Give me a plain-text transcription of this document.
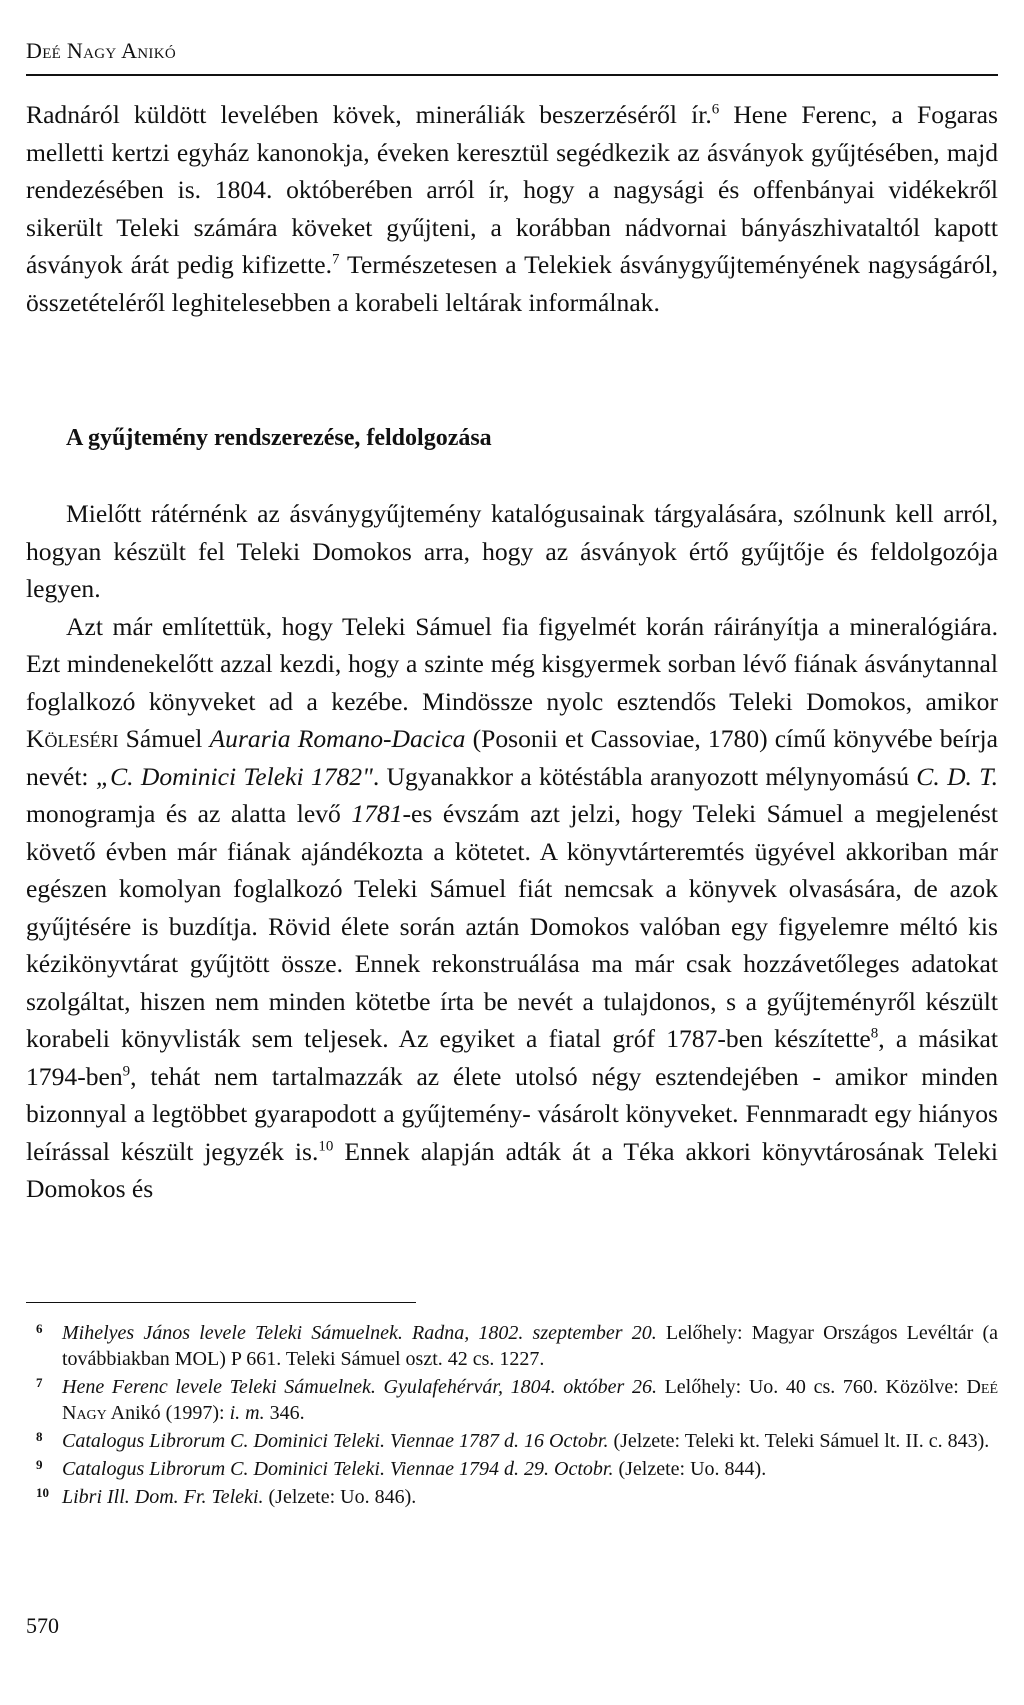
Deé Nagy Anikó

Radnáról küldött levelében kövek, mineráliák beszerzéséről ír.$^6$ Hene Ferenc, a Fogaras melletti kertzi egyház kanonokja, éveken keresztül segédkezik az ásványok gyűjtésében, majd rendezésében is. 1804. októberében arról ír, hogy a nagysági és offenbányai vidékekről sikerült Teleki számára köveket gyűjteni, a korábban nádvornai bányászhivataltól kapott ásványok árát pedig kifizette.$^7$ Természetesen a Telekiek ásványgyűjteményének nagyságáról, összetételéről leghitelesebben a korabeli leltárak informálnak.

A gyűjtemény rendszerezése, feldolgozása

Mielőtt rátérnénk az ásványgyűjtemény katalógusainak tárgyalására, szólnunk kell arról, hogyan készült fel Teleki Domokos arra, hogy az ásványok értő gyűjtője és feldolgozója legyen.

Azt már említettük, hogy Teleki Sámuel fia figyelmét korán ráirányítja a mineralógiára. Ezt mindenekelőtt azzal kezdi, hogy a szinte még kisgyermek sorban lévő fiának ásványtannal foglalkozó könyveket ad a kezébe. Mindössze nyolc esztendős Teleki Domokos, amikor Köleséri Sámuel Auraria Romano-Dacica (Posonii et Cassoviae, 1780) című könyvébe beírja nevét: „C. Dominici Teleki 1782". Ugyanakkor a kötéstábla aranyozott mélynyomású C. D. T. monogramja és az alatta levő 1781-es évszám azt jelzi, hogy Teleki Sámuel a megjelenést követő évben már fiának ajándékozta a kötetet. A könyvtárteremtés ügyével akkoriban már egészen komolyan foglalkozó Teleki Sámuel fiát nemcsak a könyvek olvasására, de azok gyűjtésére is buzdítja. Rövid élete során aztán Domokos valóban egy figyelemre méltó kis kézikönyvtárat gyűjtött össze. Ennek rekonstruálása ma már csak hozzávetőleges adatokat szolgáltat, hiszen nem minden kötetbe írta be nevét a tulajdonos, s a gyűjteményről készült korabeli könyvlisták sem teljesek. Az egyiket a fiatal gróf 1787-ben készítette$^8$, a másikat 1794-ben$^9$, tehát nem tartalmazzák az élete utolsó négy esztendejében - amikor minden bizonnyal a legtöbbet gyarapodott a gyűjtemény- vásárolt könyveket. Fennmaradt egy hiányos leírással készült jegyzék is.$^{10}$ Ennek alapján adták át a Téka akkori könyvtárosának Teleki Domokos és

6 Mihelyes János levele Teleki Sámuelnek. Radna, 1802. szeptember 20. Lelőhely: Magyar Országos Levéltár (a továbbiakban MOL) P 661. Teleki Sámuel oszt. 42 cs. 1227.
7 Hene Ferenc levele Teleki Sámuelnek. Gyulafehérvár, 1804. október 26. Lelőhely: Uo. 40 cs. 760. Közölve: Deé Nagy Anikó (1997): i. m. 346.
8 Catalogus Librorum C. Dominici Teleki. Viennae 1787 d. 16 Octobr. (Jelzete: Teleki kt. Teleki Sámuel lt. II. c. 843).
9 Catalogus Librorum C. Dominici Teleki. Viennae 1794 d. 29. Octobr. (Jelzete: Uo. 844).
10 Libri Ill. Dom. Fr. Teleki. (Jelzete: Uo. 846).
570
